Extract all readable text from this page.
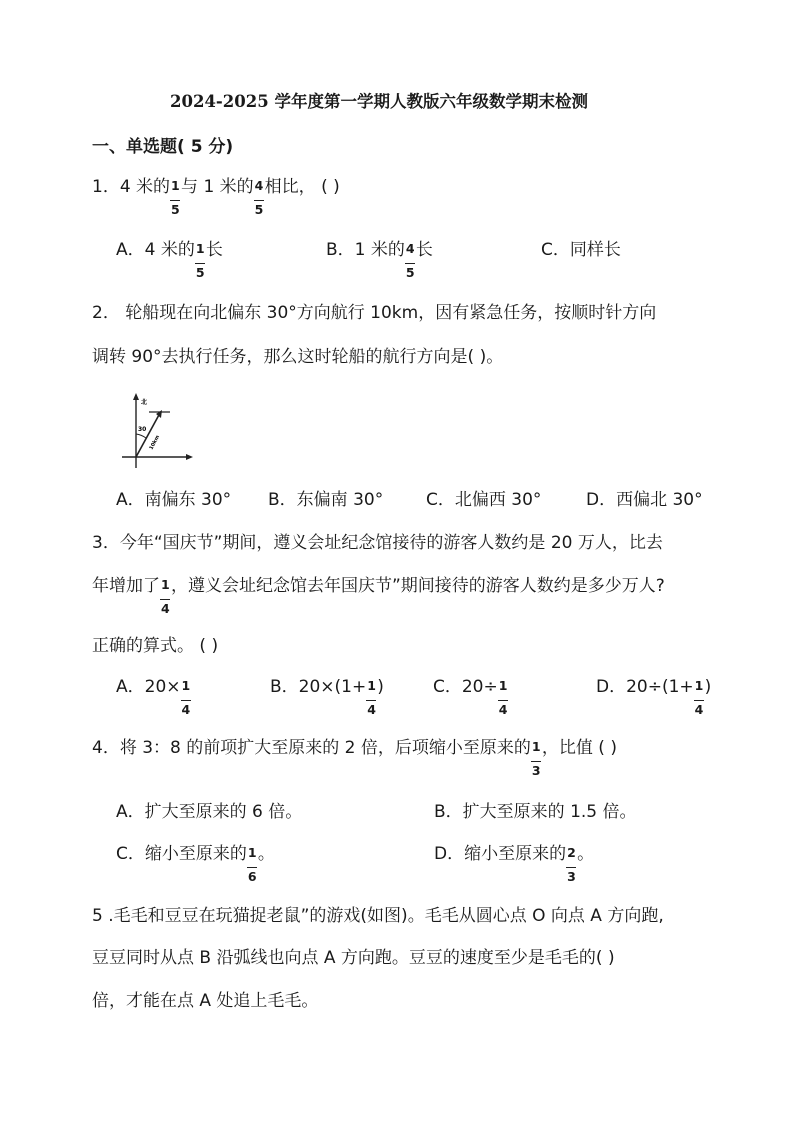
2024-2025 学年度第一学期人教版六年级数学期末检测
一、单选题( 5 分)
1．4 米的 $\frac{1}{5}$ 与 1 米的 $\frac{4}{5}$ 相比， ( )
A．4 米的 $\frac{1}{5}$ 长	B．1 米的 $\frac{4}{5}$ 长	C．同样长
2． 轮船现在向北偏东 30°方向航行 10km，因有紧急任务，按顺时针方向
调转 90°去执行任务，那么这时轮船的航行方向是( )。
北
30
10km
A．南偏东 30° B．东偏南 30°	C．北偏西 30°	D．西偏北 30°
3．今年“国庆节”期间，遵义会址纪念馆接待的游客人数约是 20 万人，比去
年增加了 $\frac{1}{4}$ ，遵义会址纪念馆去年国庆节”期间接待的游客人数约是多少万人?
正确的算式。 ( )
A．$20\times \frac{1}{4}$	B．$20\times(1+ \frac{1}{4}$ )	C．$20\div \frac{1}{4}$	D．$20\div(1+ \frac{1}{4}$ )
4．将 3：8 的前项扩大至原来的 2 倍，后项缩小至原来的 $\frac{1}{3}$ ，比值 ( )
A．扩大至原来的 6 倍。	B．扩大至原来的 1.5 倍。
C．缩小至原来的 $\frac{1}{6}$ 。	D．缩小至原来的 $\frac{2}{3}$ 。
5 .毛毛和豆豆在玩猫捉老鼠”的游戏(如图)。毛毛从圆心点 O 向点 A 方向跑,
豆豆同时从点 B 沿弧线也向点 A 方向跑。豆豆的速度至少是毛毛的( )
倍，才能在点 A 处追上毛毛。
